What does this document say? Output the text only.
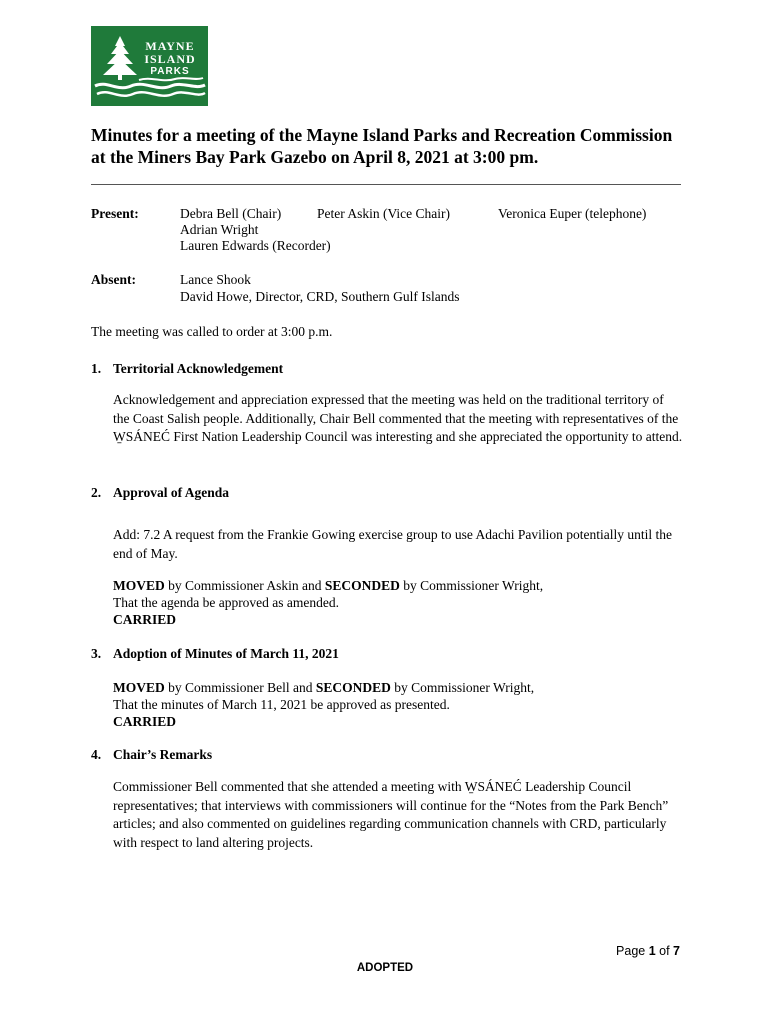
MAYNE
ISLAND
PARKS
Minutes for a meeting of the Mayne Island Parks and Recreation Commission at the Miners Bay Park Gazebo on April 8, 2021 at 3:00 pm.
Present:	Debra Bell (Chair)	Peter Askin (Vice Chair)	Veronica Euper (telephone)
Adrian Wright
Lauren Edwards (Recorder)
Absent:	Lance Shook
David Howe, Director, CRD, Southern Gulf Islands

The meeting was called to order at 3:00 p.m.

1. Territorial Acknowledgement

Acknowledgement and appreciation expressed that the meeting was held on the traditional territory of the Coast Salish people. Additionally, Chair Bell commented that the meeting with representatives of the W̱SÁNEĆ First Nation Leadership Council was interesting and she appreciated the opportunity to attend.

2. Approval of Agenda

Add: 7.2 A request from the Frankie Gowing exercise group to use Adachi Pavilion potentially until the end of May.

MOVED by Commissioner Askin and SECONDED by Commissioner Wright,
That the agenda be approved as amended.
CARRIED

3. Adoption of Minutes of March 11, 2021

MOVED by Commissioner Bell and SECONDED by Commissioner Wright,
That the minutes of March 11, 2021 be approved as presented.
CARRIED

4. Chair’s Remarks

Commissioner Bell commented that she attended a meeting with W̱SÁNEĆ Leadership Council representatives; that interviews with commissioners will continue for the “Notes from the Park Bench” articles; and also commented on guidelines regarding communication channels with CRD, particularly with respect to land altering projects.

Page 1 of 7
ADOPTED
